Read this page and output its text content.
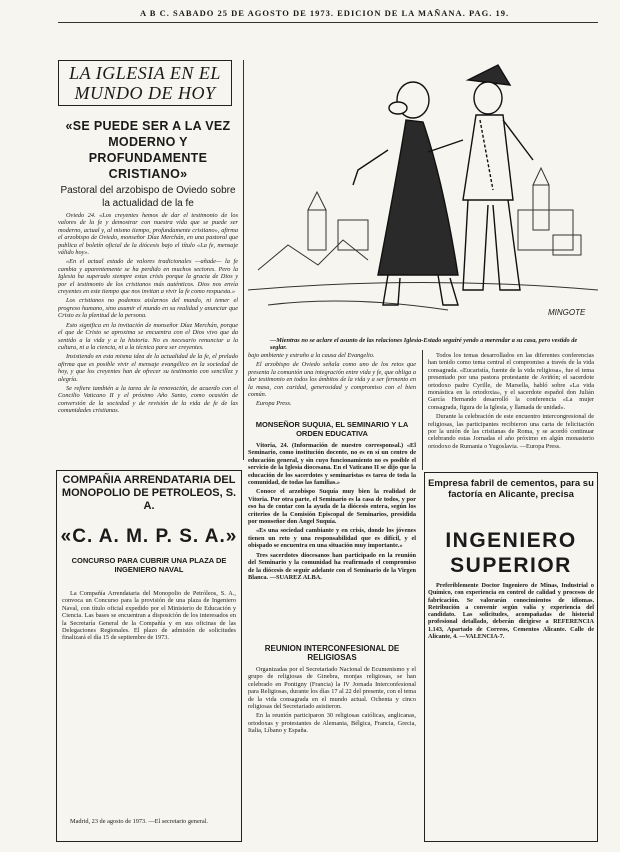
A B C. SABADO 25 DE AGOSTO DE 1973. EDICION DE LA MAÑANA. PAG. 19.
LA IGLESIA EN EL
MUNDO DE HOY
«SE PUEDE SER A LA VEZ MODERNO Y PROFUNDAMENTE CRISTIANO»
Pastoral del arzobispo de Oviedo sobre la actualidad de la fe

Oviedo 24. «Los creyentes hemos de dar el testimonio de los valores de la fe y demostrar con nuestra vida que se puede ser moderno, actual y, al mismo tiempo, profundamente cristiano», afirma el arzobispo de Oviedo, monseñor Díaz Merchán, en una pastoral que publica el boletín oficial de la diócesis bajo el título «La fe, mensaje válido hoy».

«En el actual estado de valores tradicionales —añade— la fe cambia y aparentemente se ha perdido en muchos sectores. Pero la Iglesia ha superado siempre estas crisis porque la gracia de Dios y por el testimonio de los cristianos más auténticos. Dios nos envía creyentes en este tiempo que nos invitan a vivir la fe como respuesta.»

Los cristianos no podemos aislarnos del mundo, ni temer el progreso humano, sino asumir el mundo en su realidad y anunciar que Cristo es la plenitud de la persona.

Esto significa en la invitación de monseñor Díaz Merchán, porque el que de Cristo se aproxima se encuentra con el Dios vivo que da sentido a la vida y a la historia. No es necesario renunciar a la cultura, ni a la ciencia, ni a la técnica para ser creyentes.

Insistiendo en esta misma idea de la actualidad de la fe, el prelado afirma que es posible vivir el mensaje evangélico en la sociedad de hoy, y que los creyentes han de ofrecer su testimonio con sencillez y alegría.

Se refiere también a la tarea de la renovación, de acuerdo con el Concilio Vaticano II y el próximo Año Santo, como ocasión de conversión de la sociedad y de revisión de la vida de fe de las comunidades cristianas.

MINGOTE
—Mientras no se aclare el asunto de las relaciones Iglesia-Estado seguiré yendo a merendar a su casa, pero vestido de seglar.

bajo ambiente y extraño a la causa del Evangelio.

El arzobispo de Oviedo señala como uno de los retos que presenta la comunión una integración entre vida y fe, que obliga a dar testimonio en todos los ámbitos de la vida y a ser fermento en la masa, con caridad, generosidad y compromiso con el bien común.

Europa Press.

MONSEÑOR SUQUIA, EL SEMINARIO Y LA ORDEN EDUCATIVA

Vitoria, 24. (Información de nuestro corresponsal.) «El Seminario, como institución docente, no es en sí un centro de educación general, y sin cuyo funcionamiento no es posible el servicio de la Iglesia diocesana. En el Vaticano II se dijo que la educación de los sacerdotes y seminaristas es tarea de toda la comunidad, de todas las familias.»

Conoce el arzobispo Suquía muy bien la realidad de Vitoria. Por otra parte, el Seminario es la casa de todos, y por eso ha de contar con la ayuda de la diócesis entera, según los criterios de la Comisión Episcopal de Seminarios, presidida por monseñor don Ángel Suquía.

«Es una sociedad cambiante y en crisis, donde los jóvenes tienen un reto y una responsabilidad que es difícil, y el obispado se encuentra en una situación muy importante.»

Tres sacerdotes diocesanos han participado en la reunión del Seminario y la comunidad ha reafirmado el compromiso de la diócesis de seguir adelante con el Seminario de la Virgen Blanca. —SUAREZ ALBA.

REUNION INTERCONFESIONAL DE RELIGIOSAS

Organizadas por el Secretariado Nacional de Ecumenismo y el grupo de religiosas de Ginebra, monjas religiosas, se han celebrado en Pontigny (Francia) la IV Jornada Interconfesional para Religiosas, durante los días 17 al 22 del presente, con el tema de la vida consagrada en el mundo actual. Ochenta y cinco religiosas del Secretariado asistieron.

En la reunión participaron 30 religiosas católicas, anglicanas, ortodoxas y protestantes de Alemania, Bélgica, Francia, Grecia, Italia, Líbano y España.

Todos los temas desarrollados en las diferentes conferencias han tenido como tema central el compromiso a través de la vida consagrada. «Eucaristía, fuente de la vida religiosa», fue el tema presentado por una pastora protestante de Aviñón; el sacerdote ortodoxo padre Cyrille, de Marsella, habló sobre «La vida monástica en la ortodoxia», y el sacerdote español don Julián García Hernando desarrolló la conferencia «La mujer consagrada, figura de la Iglesia, y llamada de unidad».

Durante la celebración de este encuentro intercongresional de religiosas, las participantes recibieron una carta de felicitación por la unión de las cristianas de Roma, y se acordó continuar celebrando estas Jornadas el año próximo en algún monasterio ortodoxo de Rumania o Yugoslavia. —Europa Press.

COMPAÑIA ARRENDATARIA DEL MONOPOLIO DE PETROLEOS, S. A.
«C. A. M. P. S. A.»
CONCURSO PARA CUBRIR UNA PLAZA DE INGENIERO NAVAL
La Compañía Arrendataria del Monopolio de Petróleos, S. A., convoca un Concurso para la provisión de una plaza de Ingeniero Naval, con título oficial expedido por el Ministerio de Educación y Ciencia. Las bases se encuentran a disposición de los interesados en la Secretaría General de la Compañía y en sus oficinas de las Delegaciones Regionales. El plazo de admisión de solicitudes finalizará el día 15 de septiembre de 1973.
Madrid, 23 de agosto de 1973. —El secretario general.
Empresa fabril de cementos, para su factoría en Alicante, precisa
INGENIERO
SUPERIOR

Preferiblemente Doctor Ingeniero de Minas, Industrial o Químico, con experiencia en control de calidad y procesos de fabricación. Se valorarán conocimientos de idiomas. Retribución a convenir según valía y experiencia del candidato. Las solicitudes, acompañadas de historial profesional detallado, deberán dirigirse a REFERENCIA 1.143, Apartado de Correos, Cementos Alicante. Calle de Alicante, 4. —VALENCIA-7.
